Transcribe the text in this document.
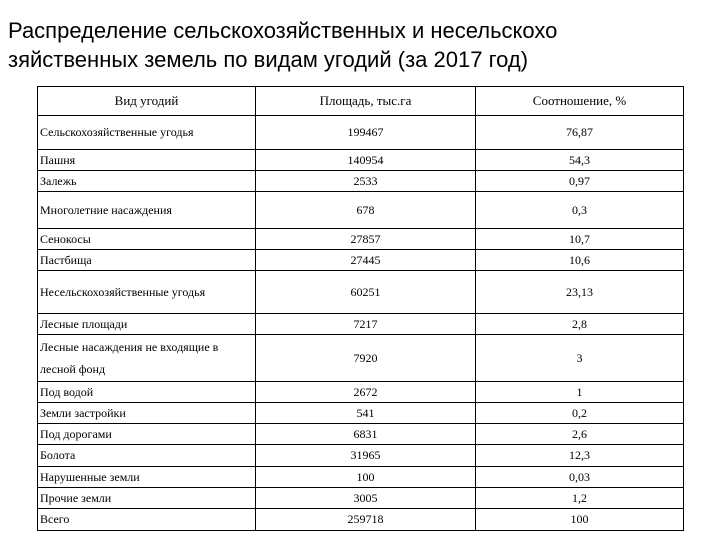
Распределение сельскохозяйственных и несельскохо
зяйственных земель по видам угодий (за 2017 год)
Вид угодий	Площадь, тыс.га	Соотношение, %
Сельскохозяйственные угодья	199467	76,87
Пашня	140954	54,3
Залежь	2533	0,97
Многолетние насаждения	678	0,3
Сенокосы	27857	10,7
Пастбища	27445	10,6
Несельскохозяйственные угодья	60251	23,13
Лесные площади	7217	2,8
Лесные насаждения не входящие в лесной фонд	7920	3
Под водой	2672	1
Земли застройки	541	0,2
Под дорогами	6831	2,6
Болота	31965	12,3
Нарушенные земли	100	0,03
Прочие земли	3005	1,2
Всего	259718	100
